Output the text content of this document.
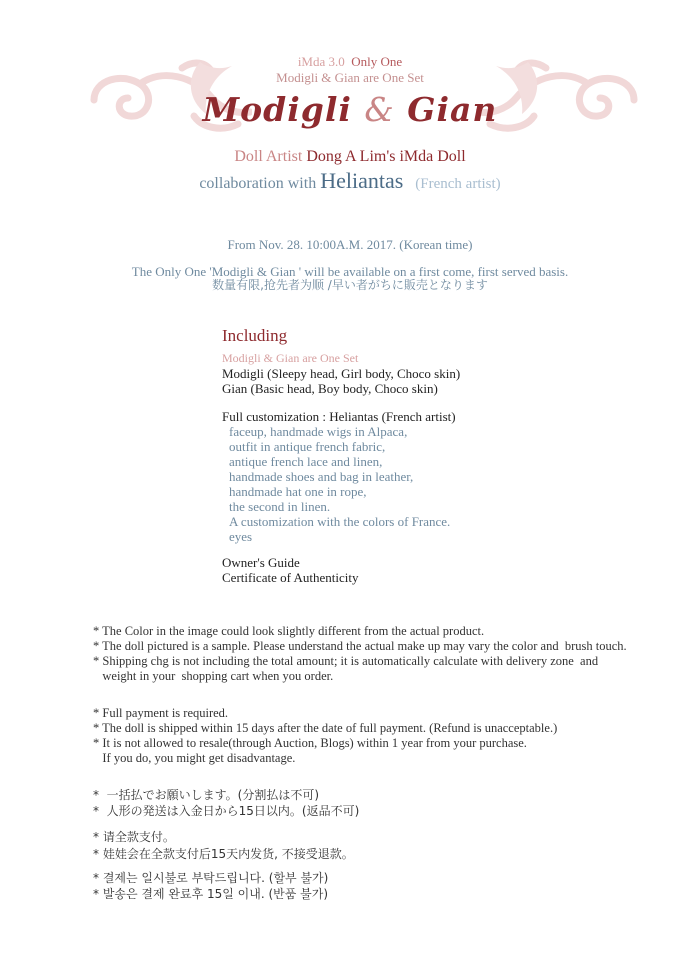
iMda 3.0 Only One
Modigli & Gian are One Set
Modigli & Gian
Doll Artist Dong A Lim's iMda Doll
collaboration with Heliantas (French artist)
From Nov. 28. 10:00A.M. 2017. (Korean time)
The Only One 'Modigli & Gian ' will be available on a first come, first served basis.
数量有限,抢先者为顺 /早い者がちに販売となります
Including
Modigli & Gian are One Set
Modigli (Sleepy head, Girl body, Choco skin)
Gian (Basic head, Boy body, Choco skin)
Full customization : Heliantas (French artist)
faceup, handmade wigs in Alpaca,
outfit in antique french fabric,
antique french lace and linen,
handmade shoes and bag in leather,
handmade hat one in rope,
the second in linen.
A customization with the colors of France.
eyes
Owner's Guide
Certificate of Authenticity
* The Color in the image could look slightly different from the actual product.
* The doll pictured is a sample. Please understand the actual make up may vary the color and  brush touch.
* Shipping chg is not including the total amount; it is automatically calculate with delivery zone  and
weight in your  shopping cart when you order.
* Full payment is required.
* The doll is shipped within 15 days after the date of full payment. (Refund is unacceptable.)
* It is not allowed to resale(through Auction, Blogs) within 1 year from your purchase.
If you do, you might get disadvantage.
*  一括払でお願いします。(分割払は不可)
*  人形の発送は入金日から15日以内。(返品不可)
* 请全款支付。
* 娃娃会在全款支付后15天内发货, 不接受退款。
* 결제는 일시불로 부탁드립니다. (할부 불가)
* 발송은 결제 완료후 15일 이내. (반품 불가)
